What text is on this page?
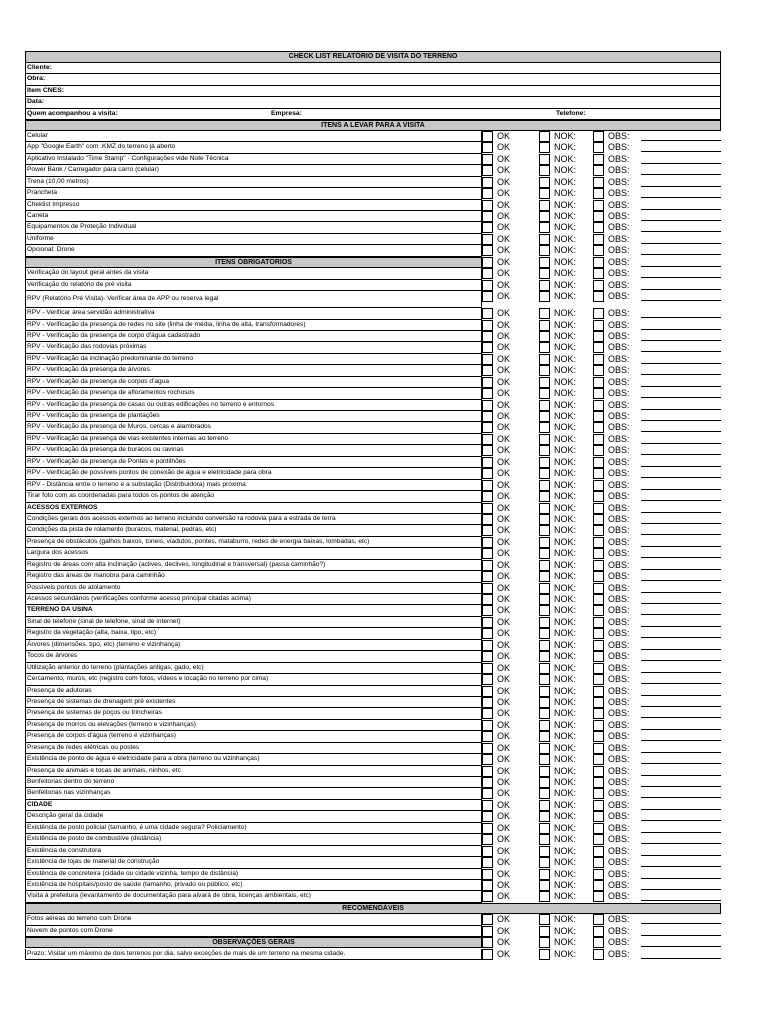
CHECK LIST RELATÓRIO DE VISITA DO TERRENO
Cliente:
Obra:
Item CNES:
Data:
Quem acompanhou a visita:	Empresa:	Telefone:
ITENS A LEVAR PARA A VISITA
Celular	OK	NOK:	OBS:
App "Google Earth" com .KMZ do terreno já aberto	OK	NOK:	OBS:
Aplicativo Instalado "Time Stamp" - Configurações vide Note Técnica	OK	NOK:	OBS:
Power Bank / Carregador para carro (celular)	OK	NOK:	OBS:
Trena (10,00 metros)	OK	NOK:	OBS:
Prancheta	OK	NOK:	OBS:
Cheklist Impresso	OK	NOK:	OBS:
Caneta	OK	NOK:	OBS:
Equipamentos de Proteção Individual	OK	NOK:	OBS:
Uniforme	OK	NOK:	OBS:
Opcional: Drone	OK	NOK:	OBS:
ITENS OBRIGATÓRIOS	OK	NOK:	OBS:
Verificação do layout geral antes da visita	OK	NOK:	OBS:
Verificação do relatório de pré visita	OK	NOK:	OBS:
RPV (Relatório Pré Visita)- Verificar área de APP ou reserva legal	OK	NOK:	OBS:
RPV - Verificar área servidão administrativa	OK	NOK:	OBS:
RPV - Verificação da presença de redes no site (linha de média, linha de alta, transformadores)	OK	NOK:	OBS:
RPV - Verificação da presença de corpo d'água cadastrado	OK	NOK:	OBS:
RPV - Verificação das rodovias próximas	OK	NOK:	OBS:
RPV - Verificação da inclinação predominante do terreno	OK	NOK:	OBS:
RPV - Verificação da presença de árvores	OK	NOK:	OBS:
RPV - Verificação da presença de corpos d'agua	OK	NOK:	OBS:
RPV - Verificação da presença de afloramentos rochosos	OK	NOK:	OBS:
RPV - Verificação da presença de casas ou outras edificações no terreno e entornos	OK	NOK:	OBS:
RPV - Verificação da presença de plantações	OK	NOK:	OBS:
RPV - Verificação da presença de Muros, cercas e alambrados	OK	NOK:	OBS:
RPV - Verificação da presença de vias existentes internas ao terreno	OK	NOK:	OBS:
RPV - Verificação da presença de buracos ou ravinas	OK	NOK:	OBS:
RPV - Verificação da presença de Pontes e pontilhões	OK	NOK:	OBS:
RPV - Verificação de possíveis pontos de conexão de água e eletricidade para obra	OK	NOK:	OBS:
RPV - Distância entre o terreno e a substação (Distribuidora) mais próxima	OK	NOK:	OBS:
Tirar foto com as coordenadas para todos os pontos de atenção	OK	NOK:	OBS:
ACESSOS EXTERNOS	OK	NOK:	OBS:
Condições gerais dos acessos externos ao terreno incluindo conversão ra rodovia para a estrada de terra	OK	NOK:	OBS:
Condições da pista de rolamento (buracos, material, pedras, etc)	OK	NOK:	OBS:
Presença de obstáculos (galhos baixos, túneis, viadutos, pontes, mataburro, redes de energia baixas, lombadas, etc)	OK	NOK:	OBS:
Largura dos acessos	OK	NOK:	OBS:
Registro de áreas com alta inclinação (aclives, declives, longitudinal e transversal) (passa caminhão?)	OK	NOK:	OBS:
Registro das áreas de manobra para caminhão	OK	NOK:	OBS:
Possíveis pontos de atolamento	OK	NOK:	OBS:
Acessos secundários (verificações conforme acesso principal citadas acima)	OK	NOK:	OBS:
TERRENO DA USINA	OK	NOK:	OBS:
Sinal de telefone (sinal de telefone, sinal de internet)	OK	NOK:	OBS:
Registro da vegetação (alta, baixa, tipo, etc)	OK	NOK:	OBS:
Árvores (dimensões, tipo, etc) (terreno e vizinhança)	OK	NOK:	OBS:
Tocos de árvores	OK	NOK:	OBS:
Utilização anterior do terreno (plantações antigas, gado, etc)	OK	NOK:	OBS:
Cercamento, muros, etc (registro com fotos, vídeos e locação no terreno por cima)	OK	NOK:	OBS:
Presença de adutoras	OK	NOK:	OBS:
Presença de sistemas de drenagem pré existentes	OK	NOK:	OBS:
Presença de sistemas de poços ou trincheiras	OK	NOK:	OBS:
Presença de morros ou elevações (terreno e vizinhanças)	OK	NOK:	OBS:
Presença de corpos d'água (terreno e vizinhanças)	OK	NOK:	OBS:
Presença de redes elétricas ou postes	OK	NOK:	OBS:
Existência de ponto de água e eletricidade para a obra (terreno ou vizinhanças)	OK	NOK:	OBS:
Presença de animais e tocas de animais, ninhos, etc	OK	NOK:	OBS:
Benfeitorias dentro do terreno	OK	NOK:	OBS:
Benfeitorias nas vizinhanças	OK	NOK:	OBS:
CIDADE	OK	NOK:	OBS:
Descrição geral da cidade	OK	NOK:	OBS:
Existência de posto policial (tamanho, é uma cidade segura? Policiamento)	OK	NOK:	OBS:
Existência de posto de combustíve (distância)	OK	NOK:	OBS:
Existência de construtora	OK	NOK:	OBS:
Existência de lojas de material de construção	OK	NOK:	OBS:
Existência de concreteira (cidade ou cidade vizinha, tempo de distância)	OK	NOK:	OBS:
Existência de hospitais/posto de saúde (tamanho, privado ou público, etc)	OK	NOK:	OBS:
Visita à prefeitura (levantamento de documentação para alvará de obra, licenças ambientais, etc)	OK	NOK:	OBS:
RECOMENDÁVEIS
Fotos aéreas do terreno com Drone	OK	NOK:	OBS:
Nuvem de pontos com Drone	OK	NOK:	OBS:
OBSERVAÇÕES GERAIS	OK	NOK:	OBS:
Prazo: Visitar um máximo de dois terrenos por dia, salvo exceções de mais de um terreno na mesma cidade.	OK	NOK:	OBS:
